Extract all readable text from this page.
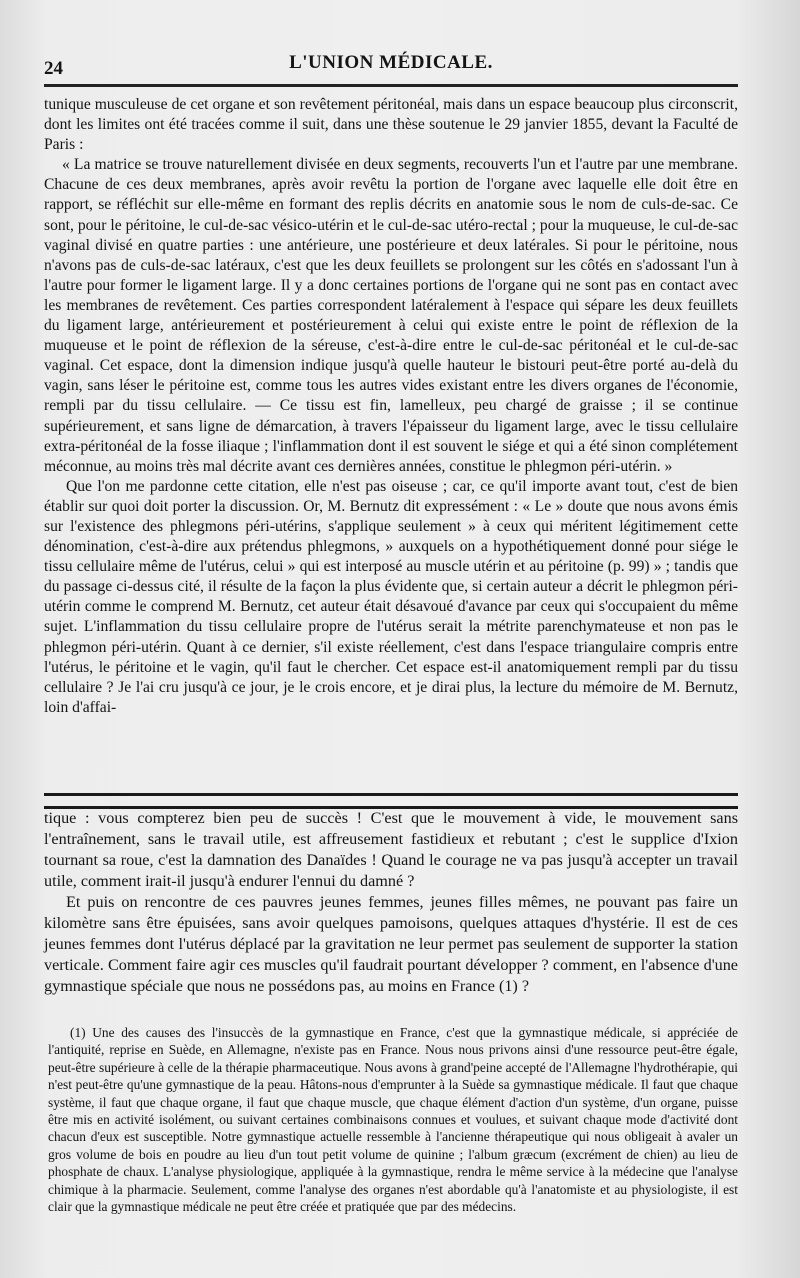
24	L'UNION MÉDICALE.

tunique musculeuse de cet organe et son revêtement péritonéal, mais dans un espace beaucoup plus circonscrit, dont les limites ont été tracées comme il suit, dans une thèse soutenue le 29 janvier 1855, devant la Faculté de Paris :

« La matrice se trouve naturellement divisée en deux segments, recouverts l'un et l'autre par une membrane. Chacune de ces deux membranes, après avoir revêtu la portion de l'organe avec laquelle elle doit être en rapport, se réfléchit sur elle-même en formant des replis décrits en anatomie sous le nom de culs-de-sac. Ce sont, pour le péritoine, le cul-de-sac vésico-utérin et le cul-de-sac utéro-rectal ; pour la muqueuse, le cul-de-sac vaginal divisé en quatre parties : une antérieure, une postérieure et deux latérales. Si pour le péritoine, nous n'avons pas de culs-de-sac latéraux, c'est que les deux feuillets se prolongent sur les côtés en s'adossant l'un à l'autre pour former le ligament large. Il y a donc certaines portions de l'organe qui ne sont pas en contact avec les membranes de revêtement. Ces parties correspondent latéralement à l'espace qui sépare les deux feuillets du ligament large, antérieurement et postérieurement à celui qui existe entre le point de réflexion de la muqueuse et le point de réflexion de la séreuse, c'est-à-dire entre le cul-de-sac péritonéal et le cul-de-sac vaginal. Cet espace, dont la dimension indique jusqu'à quelle hauteur le bistouri peut-être porté au-delà du vagin, sans léser le péritoine est, comme tous les autres vides existant entre les divers organes de l'économie, rempli par du tissu cellulaire. — Ce tissu est fin, lamelleux, peu chargé de graisse ; il se continue supérieurement, et sans ligne de démarcation, à travers l'épaisseur du ligament large, avec le tissu cellulaire extra-péritonéal de la fosse iliaque ; l'inflammation dont il est souvent le siége et qui a été sinon complétement méconnue, au moins très mal décrite avant ces dernières années, constitue le phlegmon péri-utérin. »

Que l'on me pardonne cette citation, elle n'est pas oiseuse ; car, ce qu'il importe avant tout, c'est de bien établir sur quoi doit porter la discussion. Or, M. Bernutz dit expressément : « Le » doute que nous avons émis sur l'existence des phlegmons péri-utérins, s'applique seulement » à ceux qui méritent légitimement cette dénomination, c'est-à-dire aux prétendus phlegmons, » auxquels on a hypothétiquement donné pour siége le tissu cellulaire même de l'utérus, celui » qui est interposé au muscle utérin et au péritoine (p. 99) » ; tandis que du passage ci-dessus cité, il résulte de la façon la plus évidente que, si certain auteur a décrit le phlegmon péri-utérin comme le comprend M. Bernutz, cet auteur était désavoué d'avance par ceux qui s'occupaient du même sujet. L'inflammation du tissu cellulaire propre de l'utérus serait la métrite parenchymateuse et non pas le phlegmon péri-utérin. Quant à ce dernier, s'il existe réellement, c'est dans l'espace triangulaire compris entre l'utérus, le péritoine et le vagin, qu'il faut le chercher. Cet espace est-il anatomiquement rempli par du tissu cellulaire ? Je l'ai cru jusqu'à ce jour, je le crois encore, et je dirai plus, la lecture du mémoire de M. Bernutz, loin d'affai-

tique : vous compterez bien peu de succès ! C'est que le mouvement à vide, le mouvement sans l'entraînement, sans le travail utile, est affreusement fastidieux et rebutant ; c'est le supplice d'Ixion tournant sa roue, c'est la damnation des Danaïdes ! Quand le courage ne va pas jusqu'à accepter un travail utile, comment irait-il jusqu'à endurer l'ennui du damné ?

Et puis on rencontre de ces pauvres jeunes femmes, jeunes filles mêmes, ne pouvant pas faire un kilomètre sans être épuisées, sans avoir quelques pamoisons, quelques attaques d'hystérie. Il est de ces jeunes femmes dont l'utérus déplacé par la gravitation ne leur permet pas seulement de supporter la station verticale. Comment faire agir ces muscles qu'il faudrait pourtant développer ? comment, en l'absence d'une gymnastique spéciale que nous ne possédons pas, au moins en France (1) ?

(1) Une des causes des l'insuccès de la gymnastique en France, c'est que la gymnastique médicale, si appréciée de l'antiquité, reprise en Suède, en Allemagne, n'existe pas en France. Nous nous privons ainsi d'une ressource peut-être égale, peut-être supérieure à celle de la thérapie pharmaceutique. Nous avons à grand'peine accepté de l'Allemagne l'hydrothérapie, qui n'est peut-être qu'une gymnastique de la peau. Hâtons-nous d'emprunter à la Suède sa gymnastique médicale. Il faut que chaque système, il faut que chaque organe, il faut que chaque muscle, que chaque élément d'action d'un système, d'un organe, puisse être mis en activité isolément, ou suivant certaines combinaisons connues et voulues, et suivant chaque mode d'activité dont chacun d'eux est susceptible. Notre gymnastique actuelle ressemble à l'ancienne thérapeutique qui nous obligeait à avaler un gros volume de bois en poudre au lieu d'un tout petit volume de quinine ; l'album græcum (excrément de chien) au lieu de phosphate de chaux. L'analyse physiologique, appliquée à la gymnastique, rendra le même service à la médecine que l'analyse chimique à la pharmacie. Seulement, comme l'analyse des organes n'est abordable qu'à l'anatomiste et au physiologiste, il est clair que la gymnastique médicale ne peut être créée et pratiquée que par des médecins.
